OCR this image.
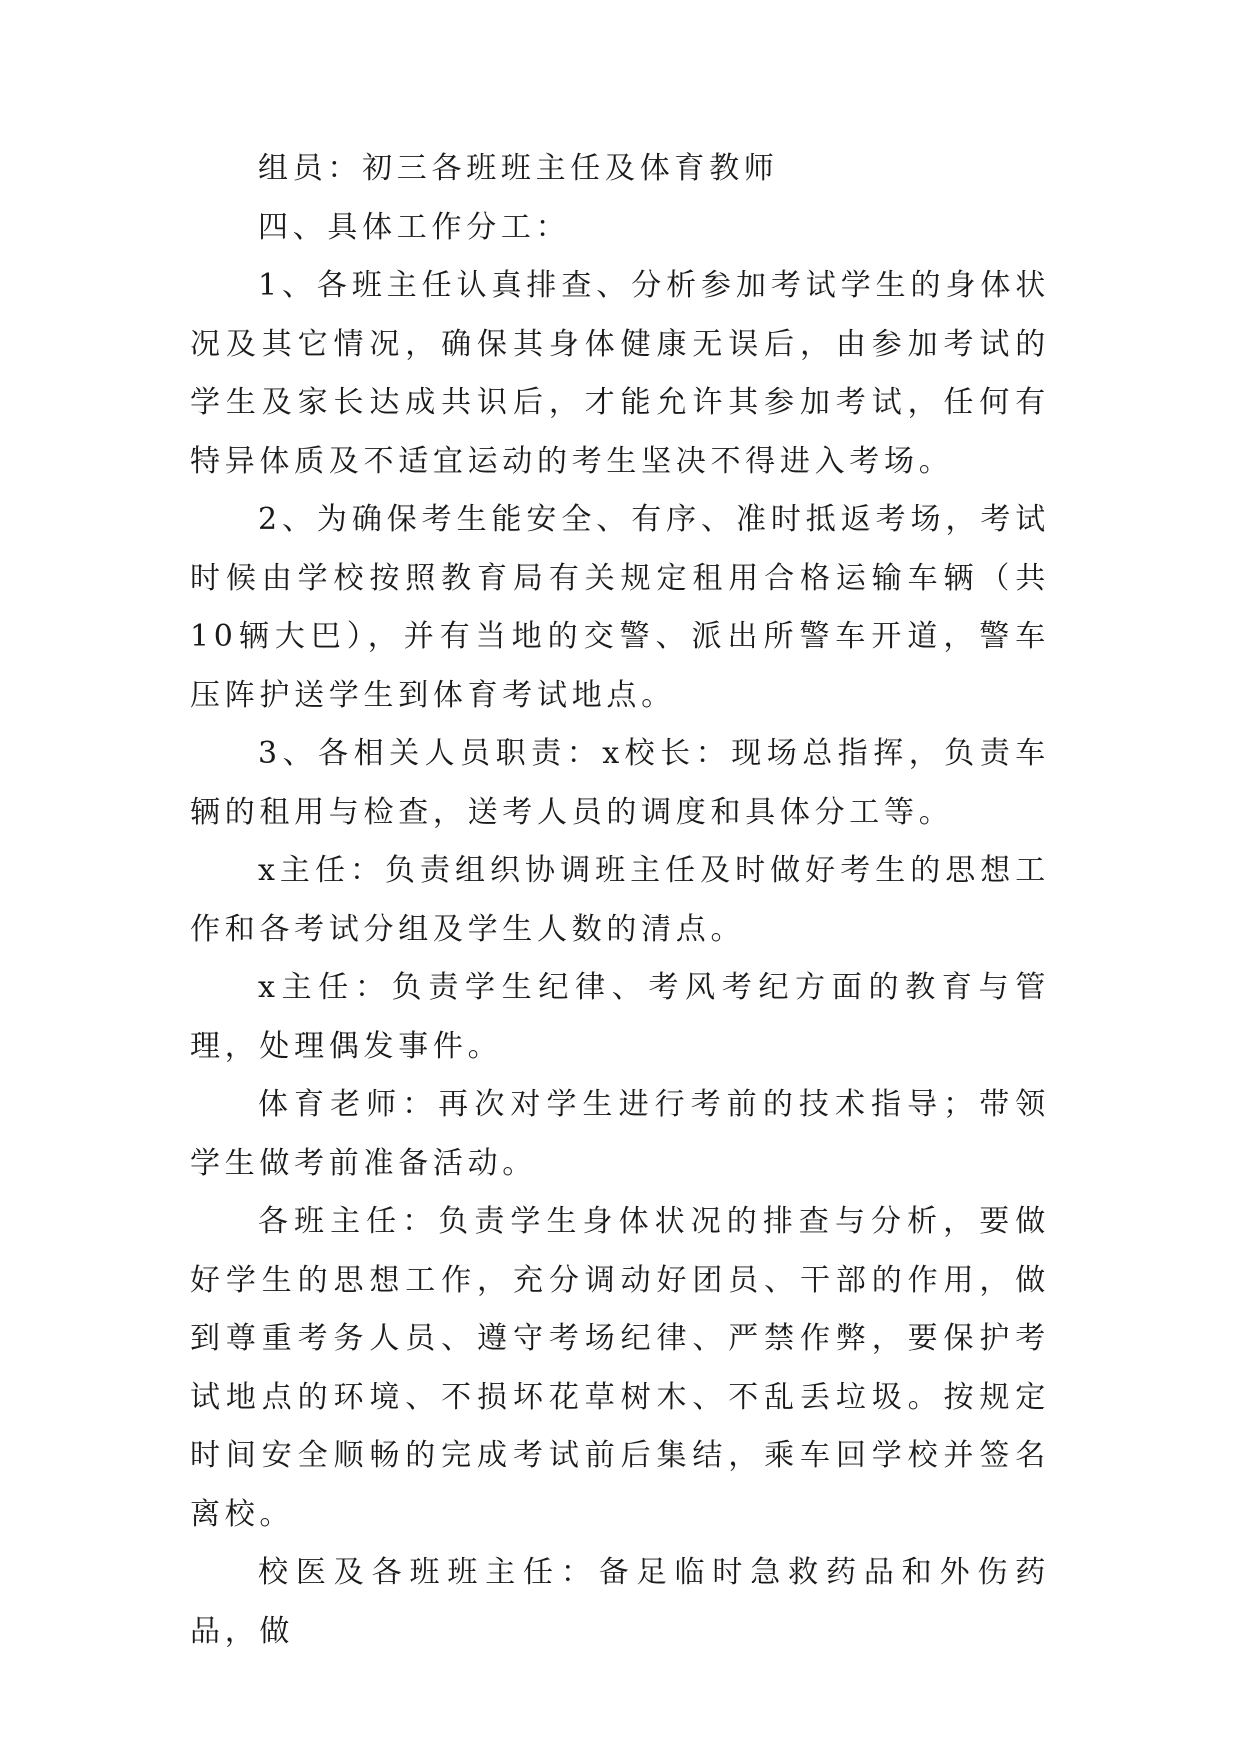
组员：初三各班班主任及体育教师

四、具体工作分工：

1、各班主任认真排查、分析参加考试学生的身体状况及其它情况，确保其身体健康无误后，由参加考试的学生及家长达成共识后，才能允许其参加考试，任何有特异体质及不适宜运动的考生坚决不得进入考场。

2、为确保考生能安全、有序、准时抵返考场，考试时候由学校按照教育局有关规定租用合格运输车辆（共10辆大巴），并有当地的交警、派出所警车开道，警车压阵护送学生到体育考试地点。

3、各相关人员职责：x校长：现场总指挥，负责车辆的租用与检查，送考人员的调度和具体分工等。

x主任：负责组织协调班主任及时做好考生的思想工作和各考试分组及学生人数的清点。

x主任：负责学生纪律、考风考纪方面的教育与管理，处理偶发事件。

体育老师：再次对学生进行考前的技术指导；带领学生做考前准备活动。

各班主任：负责学生身体状况的排查与分析，要做好学生的思想工作，充分调动好团员、干部的作用，做到尊重考务人员、遵守考场纪律、严禁作弊，要保护考试地点的环境、不损坏花草树木、不乱丢垃圾。按规定时间安全顺畅的完成考试前后集结，乘车回学校并签名离校。

校医及各班班主任：备足临时急救药品和外伤药品，做
